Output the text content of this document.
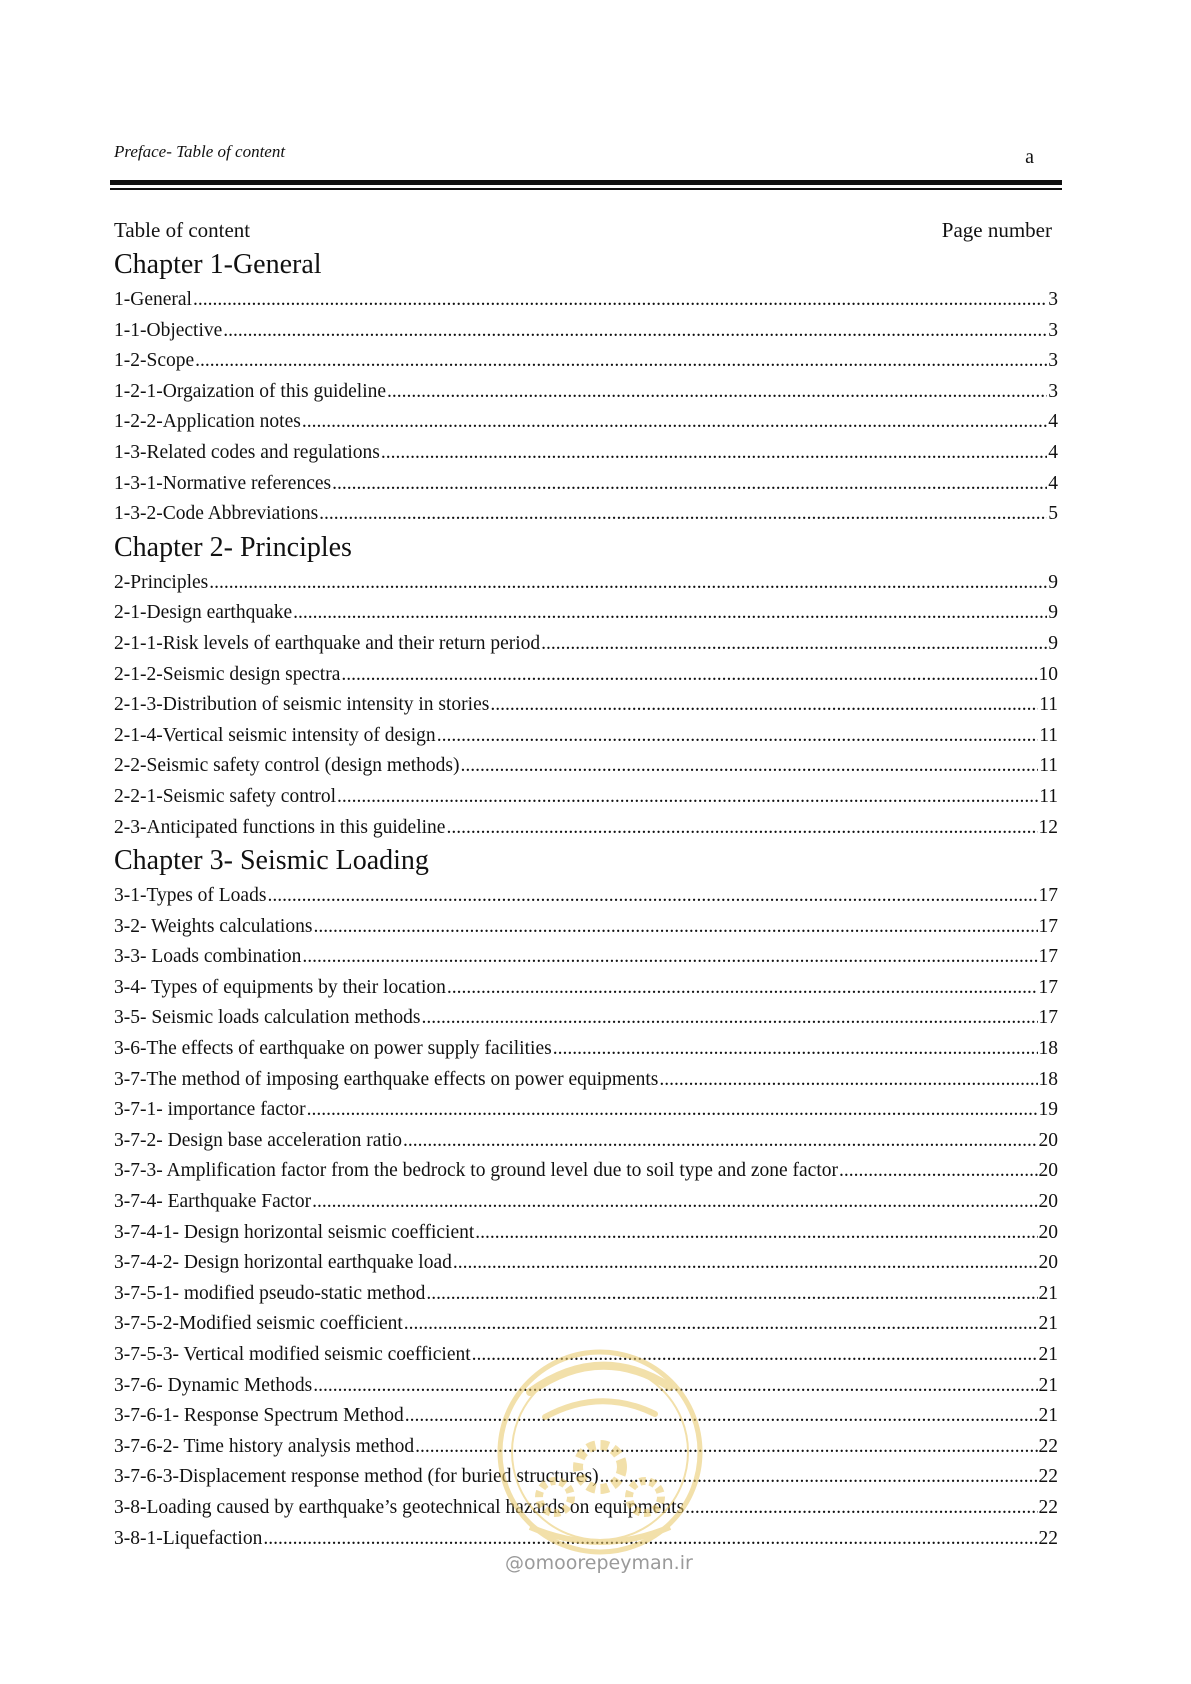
Preface- Table of content	a
Table of content	Page number
Chapter 1-General
1-General .....	3
1-1-Objective .....	3
1-2-Scope .....	3
1-2-1-Orgaization of this guideline .....	3
1-2-2-Application notes .....	4
1-3-Related codes and regulations .....	4
1-3-1-Normative references .....	4
1-3-2-Code Abbreviations .....	5
Chapter 2- Principles
2-Principles .....	9
2-1-Design earthquake .....	9
2-1-1-Risk levels of earthquake and their return period .....	9
2-1-2-Seismic design spectra .....	10
2-1-3-Distribution of seismic intensity in stories .....	11
2-1-4-Vertical seismic intensity of design .....	11
2-2-Seismic safety control (design methods) .....	11
2-2-1-Seismic safety control .....	11
2-3-Anticipated functions in this guideline .....	12
Chapter 3- Seismic Loading
3-1-Types of Loads .....	17
3-2- Weights calculations .....	17
3-3- Loads combination .....	17
3-4- Types of equipments by their location .....	17
3-5- Seismic loads calculation methods .....	17
3-6-The effects of earthquake on power supply facilities .....	18
3-7-The method of imposing earthquake effects on power equipments .....	18
3-7-1- importance factor .....	19
3-7-2- Design base acceleration ratio .....	20
3-7-3- Amplification factor from the bedrock to ground level due to soil type and zone factor .....	20
3-7-4- Earthquake Factor .....	20
3-7-4-1- Design horizontal seismic coefficient .....	20
3-7-4-2- Design horizontal earthquake load .....	20
3-7-5-1- modified pseudo-static method .....	21
3-7-5-2-Modified seismic coefficient .....	21
3-7-5-3- Vertical modified seismic coefficient .....	21
3-7-6- Dynamic Methods .....	21
3-7-6-1- Response Spectrum Method .....	21
3-7-6-2- Time history analysis method .....	22
3-7-6-3-Displacement response method (for buried structures) .....	22
3-8-Loading caused by earthquake’s geotechnical hazards on equipments .....	22
3-8-1-Liquefaction .....	22
@omoorepeyman.ir
